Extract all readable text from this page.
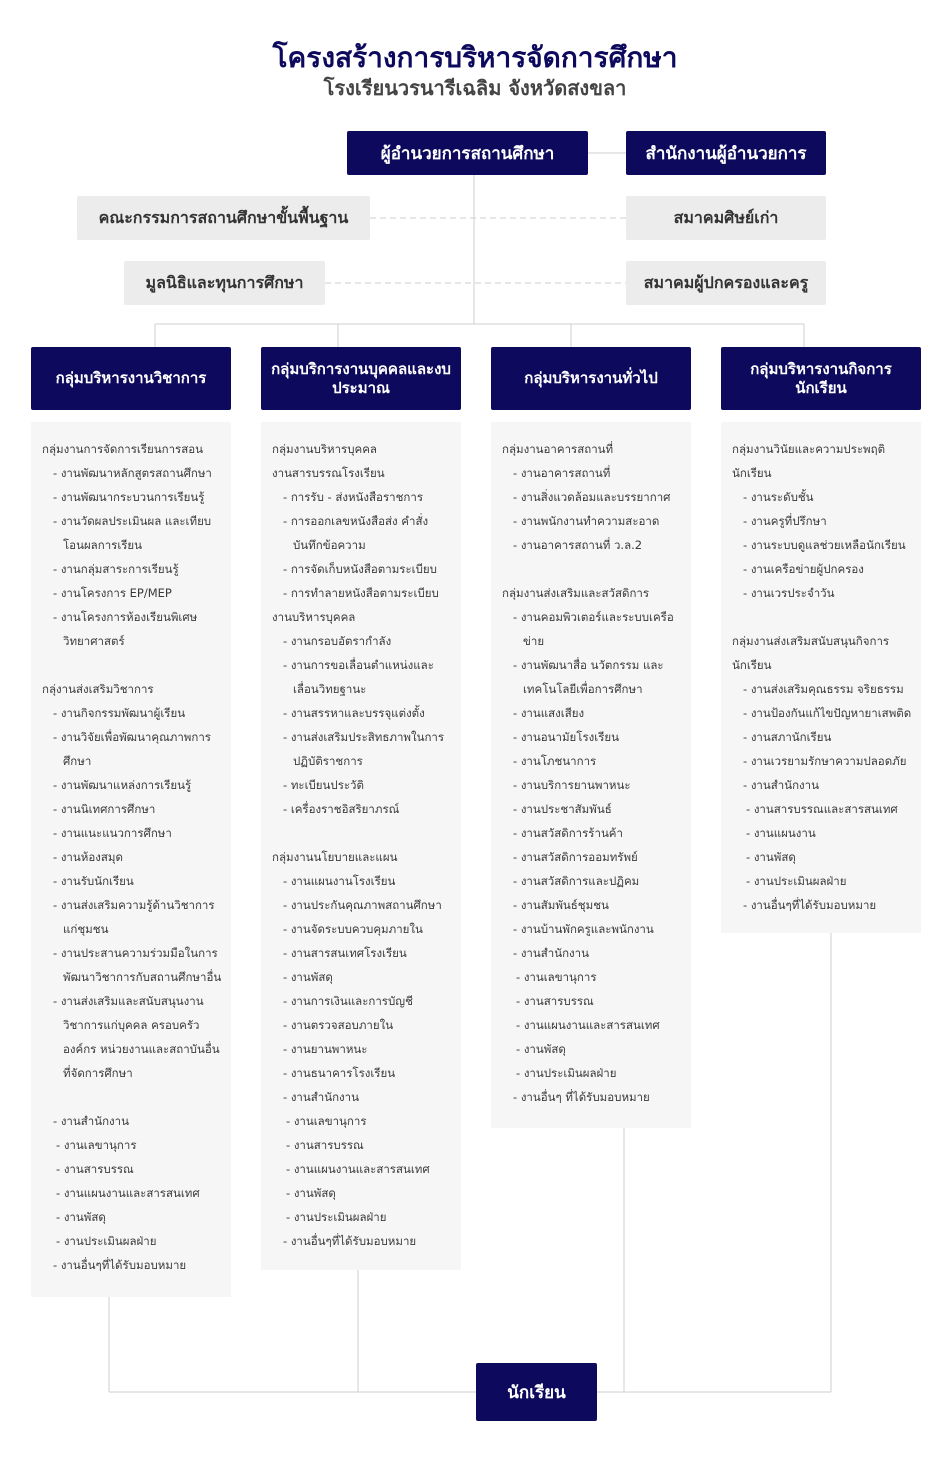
โครงสร้างการบริหารจัดการศึกษา
โรงเรียนวรนารีเฉลิม จังหวัดสงขลา
ผู้อำนวยการสถานศึกษา	สำนักงานผู้อำนวยการ
คณะกรรมการสถานศึกษาขั้นพื้นฐาน	สมาคมศิษย์เก่า
มูลนิธิและทุนการศึกษา	สมาคมผู้ปกครองและครู
กลุ่มบริหารงานวิชาการ
กลุ่มบริการงานบุคคลและงบประมาณ
กลุ่มบริหารงานทั่วไป
กลุ่มบริหารงานกิจการนักเรียน
กลุ่มงานการจัดการเรียนการสอน
- งานพัฒนาหลักสูตรสถานศึกษา
- งานพัฒนากระบวนการเรียนรู้
- งานวัดผลประเมินผล และเทียบโอนผลการเรียน
- งานกลุ่มสาระการเรียนรู้
- งานโครงการ EP/MEP
- งานโครงการห้องเรียนพิเศษวิทยาศาสตร์
กลุ่งานส่งเสริมวิชาการ
- งานกิจกรรมพัฒนาผู้เรียน
- งานวิจัยเพื่อพัฒนาคุณภาพการศึกษา
- งานพัฒนาแหล่งการเรียนรู้
- งานนิเทศการศึกษา
- งานแนะแนวการศึกษา
- งานห้องสมุด
- งานรับนักเรียน
- งานส่งเสริมความรู้ด้านวิชาการแก่ชุมชน
- งานประสานความร่วมมือในการพัฒนาวิชาการกับสถานศึกษาอื่น
- งานส่งเสริมและสนับสนุนงานวิชาการแก่บุคคล ครอบครัว องค์กร หน่วยงานและสถาบันอื่นที่จัดการศึกษา
- งานสำนักงาน
- งานเลขานุการ
- งานสารบรรณ
- งานแผนงานและสารสนเทศ
- งานพัสดุ
- งานประเมินผลฝ่าย
- งานอื่นๆที่ได้รับมอบหมาย
กลุ่มงานบริหารบุคคล
งานสารบรรณโรงเรียน
- การรับ - ส่งหนังสือราชการ
- การออกเลขหนังสือส่ง คำสั่ง บันทึกข้อความ
- การจัดเก็บหนังสือตามระเบียบ
- การทำลายหนังสือตามระเบียบ
งานบริหารบุคคล
- งานกรอบอัตรากำลัง
- งานการขอเลื่อนตำแหน่งและเลื่อนวิทยฐานะ
- งานสรรหาและบรรจุแต่งตั้ง
- งานส่งเสริมประสิทธภาพในการปฏิบัติราชการ
- ทะเบียนประวัติ
- เครื่องราชอิสริยาภรณ์
กลุ่มงานนโยบายและแผน
- งานแผนงานโรงเรียน
- งานประกันคุณภาพสถานศึกษา
- งานจัดระบบควบคุมภายใน
- งานสารสนเทศโรงเรียน
- งานพัสดุ
- งานการเงินและการบัญชี
- งานตรวจสอบภายใน
- งานยานพาหนะ
- งานธนาคารโรงเรียน
- งานสำนักงาน
- งานเลขานุการ
- งานสารบรรณ
- งานแผนงานและสารสนเทศ
- งานพัสดุ
- งานประเมินผลฝ่าย
- งานอื่นๆที่ได้รับมอบหมาย
กลุ่มงานอาคารสถานที่
- งานอาคารสถานที่
- งานสิ่งแวดล้อมและบรรยากาศ
- งานพนักงานทำความสะอาด
- งานอาคารสถานที่ ว.ล.2
กลุ่มงานส่งเสริมและสวัสดิการ
- งานคอมพิวเตอร์และระบบเครือข่าย
- งานพัฒนาสื่อ นวัตกรรม และเทคโนโลยีเพื่อการศึกษา
- งานแสงเสียง
- งานอนามัยโรงเรียน
- งานโภชนาการ
- งานบริการยานพาหนะ
- งานประชาสัมพันธ์
- งานสวัสดิการร้านค้า
- งานสวัสดิการออมทรัพย์
- งานสวัสดิการและปฏิคม
- งานสัมพันธ์ชุมชน
- งานบ้านพักครูและพนักงาน
- งานสำนักงาน
- งานเลขานุการ
- งานสารบรรณ
- งานแผนงานและสารสนเทศ
- งานพัสดุ
- งานประเมินผลฝ่าย
- งานอื่นๆ ที่ได้รับมอบหมาย
กลุ่มงานวินัยและความประพฤตินักเรียน
- งานระดับชั้น
- งานครูที่ปรึกษา
- งานระบบดูแลช่วยเหลือนักเรียน
- งานเครือข่ายผู้ปกครอง
- งานเวรประจำวัน
กลุ่มงานส่งเสริมสนับสนุนกิจการนักเรียน
- งานส่งเสริมคุณธรรม จริยธรรม
- งานป้องกันแก้ไขปัญหายาเสพติด
- งานสภานักเรียน
- งานเวรยามรักษาความปลอดภัย
- งานสำนักงาน
- งานสารบรรณและสารสนเทศ
- งานแผนงาน
- งานพัสดุ
- งานประเมินผลฝ่าย
- งานอื่นๆที่ได้รับมอบหมาย
นักเรียน
